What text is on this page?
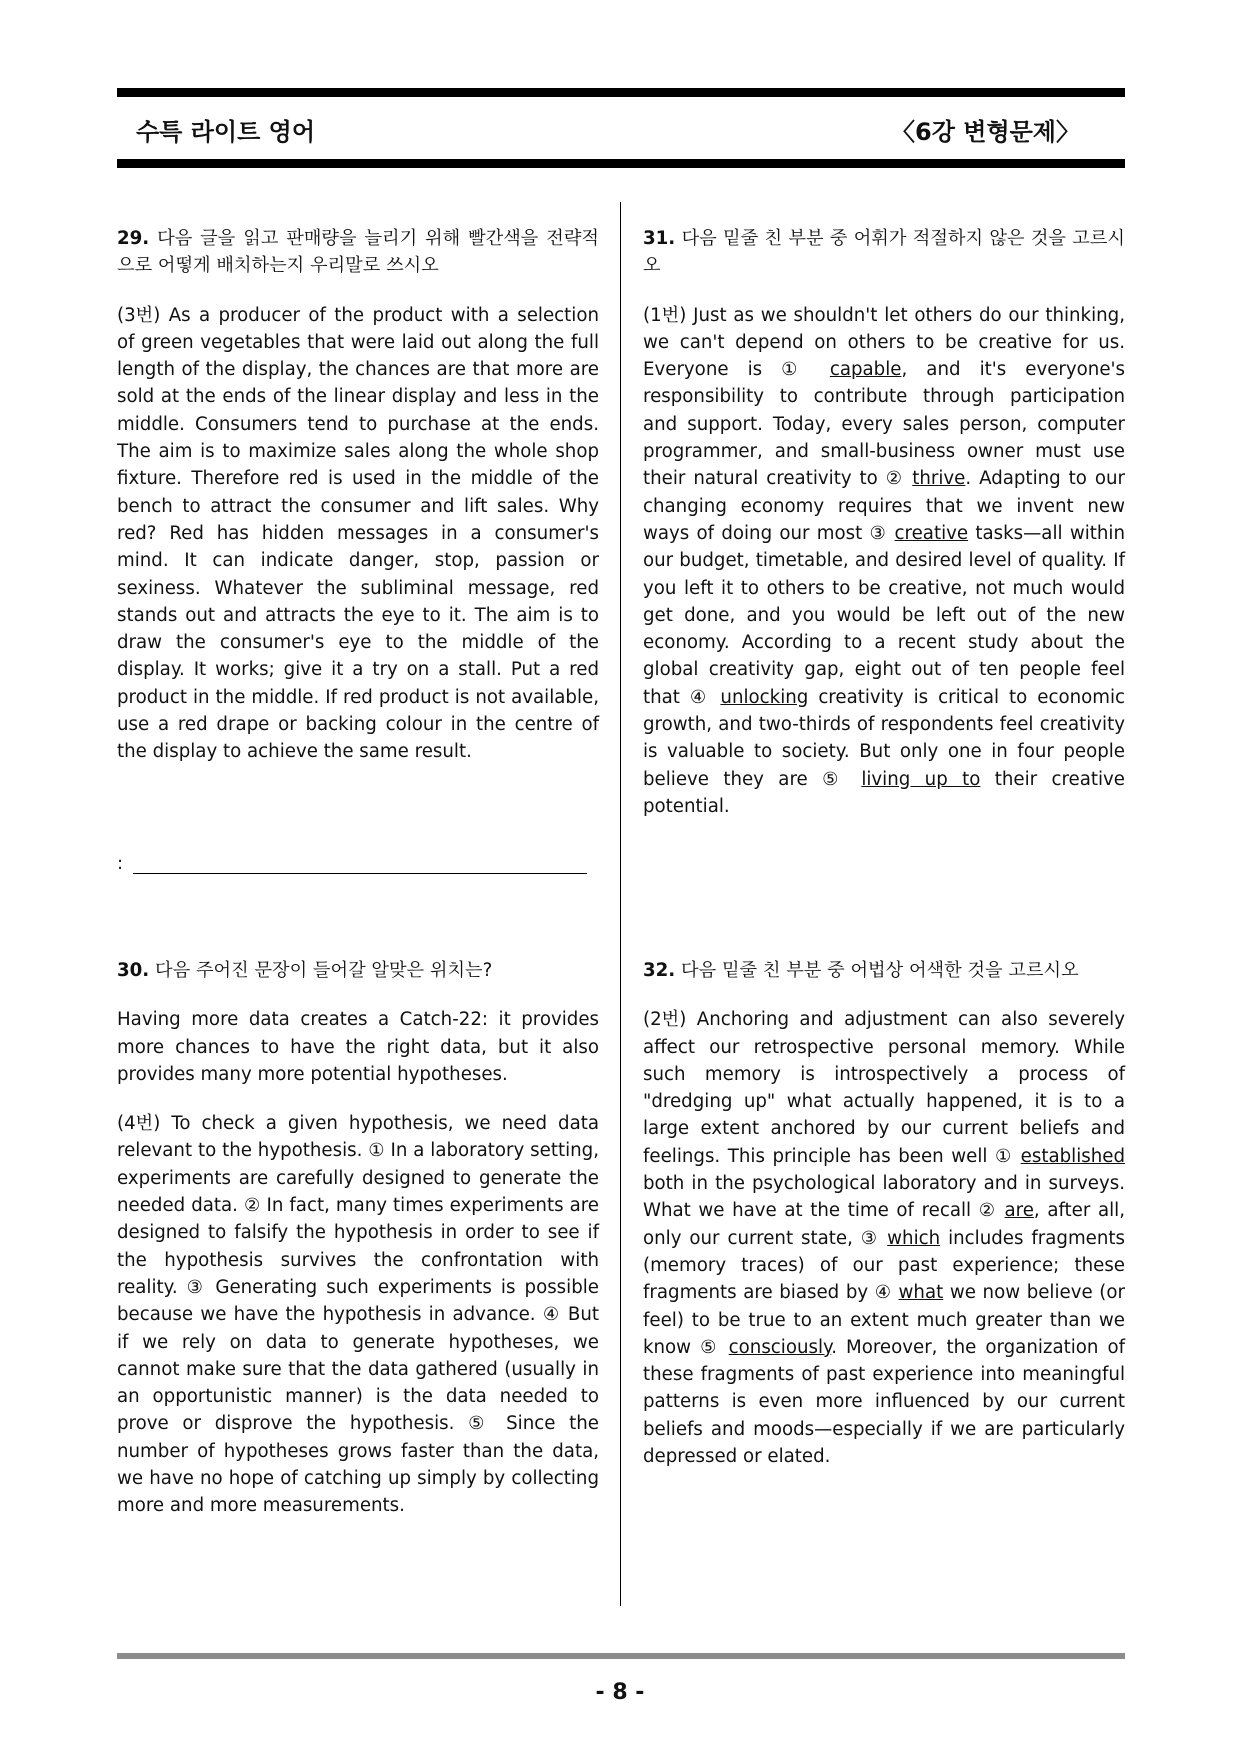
수특 라이트 영어	〈6강 변형문제〉

29. 다음 글을 읽고 판매량을 늘리기 위해 빨간색을 전략적으로 어떻게 배치하는지 우리말로 쓰시오

(3번) As a producer of the product with a selection of green vegetables that were laid out along the full length of the display, the chances are that more are sold at the ends of the linear display and less in the middle. Consumers tend to purchase at the ends. The aim is to maximize sales along the whole shop fixture. Therefore red is used in the middle of the bench to attract the consumer and lift sales. Why red? Red has hidden messages in a consumer's mind. It can indicate danger, stop, passion or sexiness. Whatever the subliminal message, red stands out and attracts the eye to it. The aim is to draw the consumer's eye to the middle of the display. It works; give it a try on a stall. Put a red product in the middle. If red product is not available, use a red drape or backing colour in the centre of the display to achieve the same result.

:

30. 다음 주어진 문장이 들어갈 알맞은 위치는?

Having more data creates a Catch-22: it provides more chances to have the right data, but it also provides many more potential hypotheses.

(4번) To check a given hypothesis, we need data relevant to the hypothesis. ① In a laboratory setting, experiments are carefully designed to generate the needed data. ② In fact, many times experiments are designed to falsify the hypothesis in order to see if the hypothesis survives the confrontation with reality. ③ Generating such experiments is possible because we have the hypothesis in advance. ④ But if we rely on data to generate hypotheses, we cannot make sure that the data gathered (usually in an opportunistic manner) is the data needed to prove or disprove the hypothesis. ⑤ Since the number of hypotheses grows faster than the data, we have no hope of catching up simply by collecting more and more measurements.

31. 다음 밑줄 친 부분 중 어휘가 적절하지 않은 것을 고르시오

(1번) Just as we shouldn't let others do our thinking, we can't depend on others to be creative for us. Everyone is ① capable, and it's everyone's responsibility to contribute through participation and support. Today, every sales person, computer programmer, and small-business owner must use their natural creativity to ② thrive. Adapting to our changing economy requires that we invent new ways of doing our most ③ creative tasks—all within our budget, timetable, and desired level of quality. If you left it to others to be creative, not much would get done, and you would be left out of the new economy. According to a recent study about the global creativity gap, eight out of ten people feel that ④ unlocking creativity is critical to economic growth, and two-thirds of respondents feel creativity is valuable to society. But only one in four people believe they are ⑤ living up to their creative potential.

32. 다음 밑줄 친 부분 중 어법상 어색한 것을 고르시오

(2번) Anchoring and adjustment can also severely affect our retrospective personal memory. While such memory is introspectively a process of "dredging up" what actually happened, it is to a large extent anchored by our current beliefs and feelings. This principle has been well ① established both in the psychological laboratory and in surveys. What we have at the time of recall ② are, after all, only our current state, ③ which includes fragments (memory traces) of our past experience; these fragments are biased by ④ what we now believe (or feel) to be true to an extent much greater than we know ⑤ consciously. Moreover, the organization of these fragments of past experience into meaningful patterns is even more influenced by our current beliefs and moods—especially if we are particularly depressed or elated.

- 8 -
